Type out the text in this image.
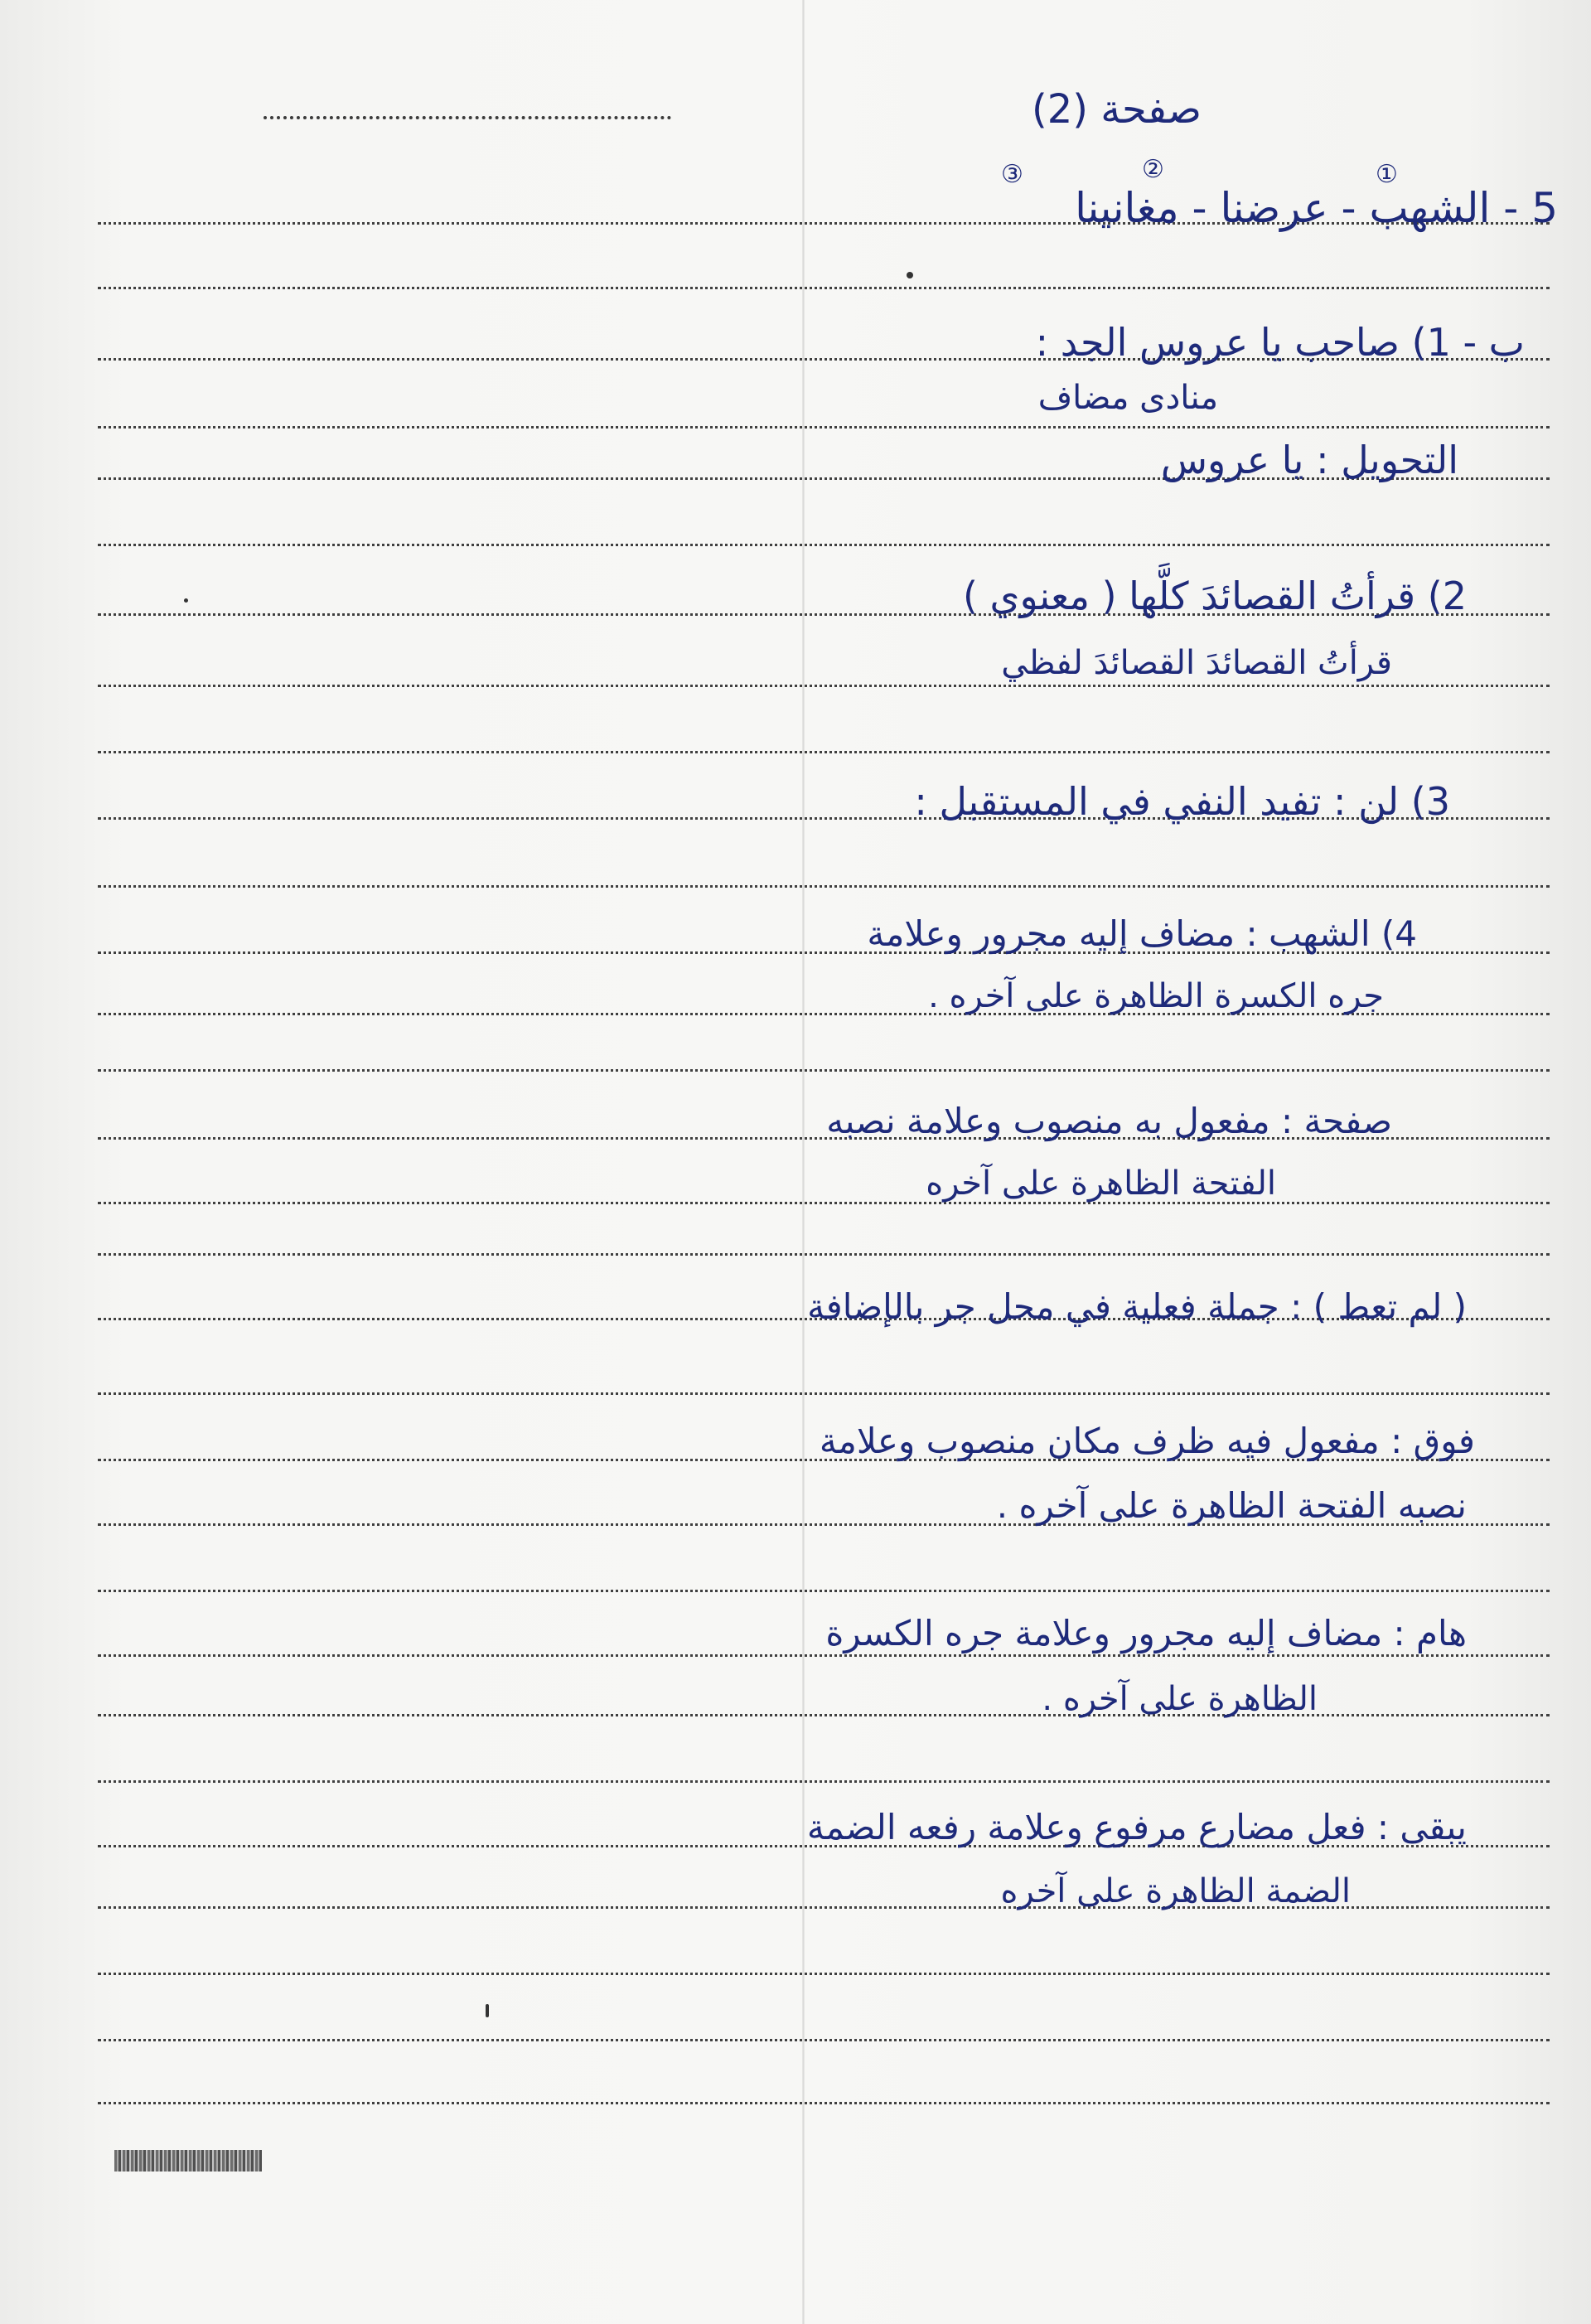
صفحة (2)
①
②
③
5 - الشهب - عرضنا - مغانينا
ب - 1) صاحب يا عروس الجد :
منادى مضاف
التحويل : يا عروس
2) قرأتُ القصائدَ كلَّها ( معنوي )
قرأتُ القصائدَ القصائدَ لفظي
3) لن : تفيد النفي في المستقبل :
4) الشهب : مضاف إليه مجرور وعلامة
جره الكسرة الظاهرة على آخره .
صفحة : مفعول به منصوب وعلامة نصبه
الفتحة الظاهرة على آخره
( لم تعط ) : جملة فعلية في محل جر بالإضافة
فوق : مفعول فيه ظرف مكان منصوب وعلامة
نصبه الفتحة الظاهرة على آخره .
هام : مضاف إليه مجرور وعلامة جره الكسرة
الظاهرة على آخره .
يبقى : فعل مضارع مرفوع وعلامة رفعه الضمة
الضمة الظاهرة على آخره
